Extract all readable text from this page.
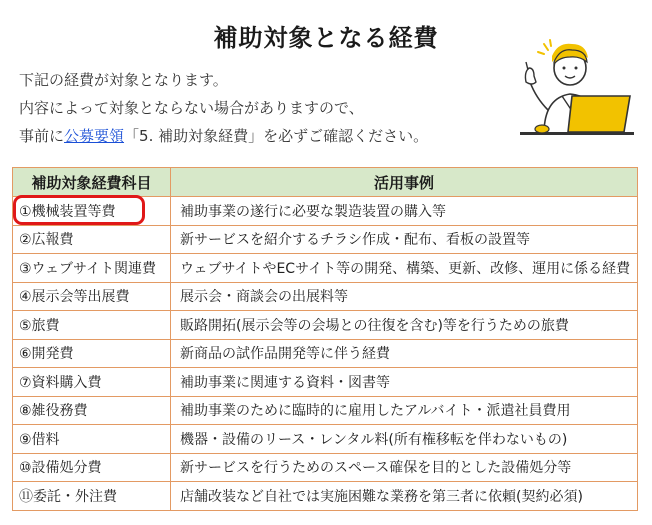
補助対象となる経費
下記の経費が対象となります。
内容によって対象とならない場合がありますので、
事前に公募要領「5. 補助対象経費」を必ずご確認ください。
補助対象経費科目	活用事例
①機械装置等費	補助事業の遂行に必要な製造装置の購入等
②広報費	新サービスを紹介するチラシ作成・配布、看板の設置等
③ウェブサイト関連費	ウェブサイトやECサイト等の開発、構築、更新、改修、運用に係る経費
④展示会等出展費	展示会・商談会の出展料等
⑤旅費	販路開拓(展示会等の会場との往復を含む)等を行うための旅費
⑥開発費	新商品の試作品開発等に伴う経費
⑦資料購入費	補助事業に関連する資料・図書等
⑧雑役務費	補助事業のために臨時的に雇用したアルバイト・派遣社員費用
⑨借料	機器・設備のリース・レンタル料(所有権移転を伴わないもの)
⑩設備処分費	新サービスを行うためのスペース確保を目的とした設備処分等
⑪委託・外注費	店舗改装など自社では実施困難な業務を第三者に依頼(契約必須)
